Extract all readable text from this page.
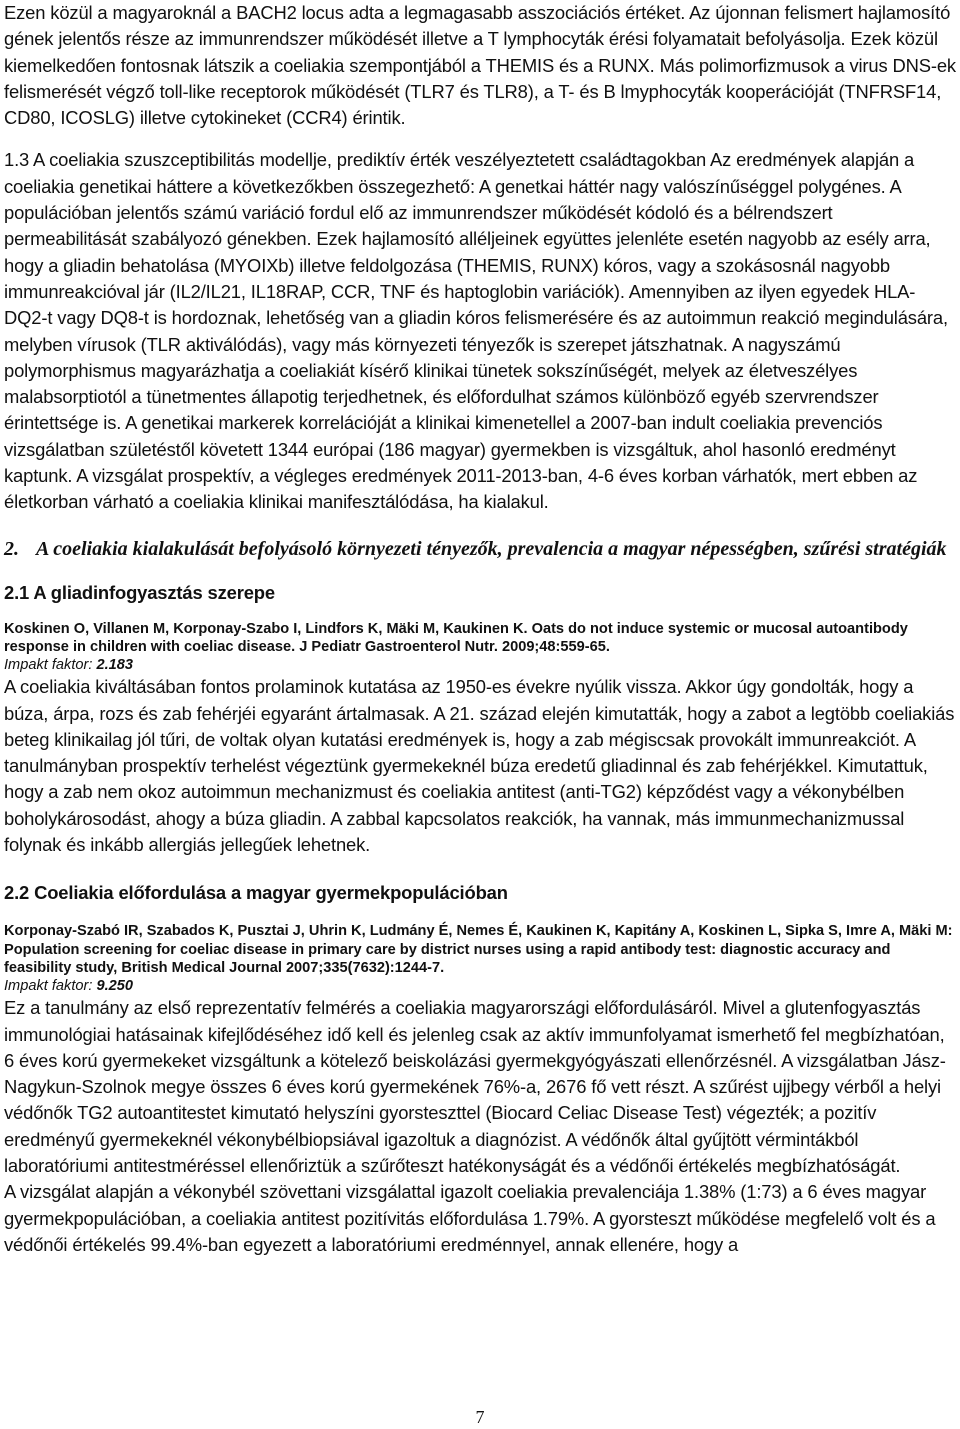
Ezen közül a magyaroknál a BACH2 locus adta a legmagasabb asszociációs értéket. Az újonnan felismert hajlamosító gének jelentős része az immunrendszer működését illetve a T lymphocyták érési folyamatait befolyásolja. Ezek közül kiemelkedően fontosnak látszik a coeliakia szempontjából a THEMIS és a RUNX. Más polimorfizmusok a virus DNS-ek felismerését végző toll-like receptorok működését (TLR7 és TLR8), a T- és B lmyphocyták kooperációját (TNFRSF14, CD80, ICOSLG) illetve cytokineket (CCR4) érintik.

1.3 A coeliakia szuszceptibilitás modellje, prediktív érték veszélyeztetett családtagokban Az eredmények alapján a coeliakia genetikai háttere a következőkben összegezhető: A genetkai háttér nagy valószínűséggel polygénes. A populációban jelentős számú variáció fordul elő az immunrendszer működését kódoló és a bélrendszert permeabilitását szabályozó génekben. Ezek hajlamosító alléljeinek együttes jelenléte esetén nagyobb az esély arra, hogy a gliadin behatolása (MYOIXb) illetve feldolgozása (THEMIS, RUNX) kóros, vagy a szokásosnál nagyobb immunreakcióval jár (IL2/IL21, IL18RAP, CCR, TNF és haptoglobin variációk). Amennyiben az ilyen egyedek HLA-DQ2-t vagy DQ8-t is hordoznak, lehetőség van a gliadin kóros felismerésére és az autoimmun reakció megindulására, melyben vírusok (TLR aktiválódás), vagy más környezeti tényezők is szerepet játszhatnak. A nagyszámú polymorphismus magyarázhatja a coeliakiát kísérő klinikai tünetek sokszínűségét, melyek az életveszélyes malabsorptiotól a tünetmentes állapotig terjedhetnek, és előfordulhat számos különböző egyéb szervrendszer érintettsége is. A genetikai markerek korrelációját a klinikai kimenetellel a 2007-ban indult coeliakia prevenciós vizsgálatban születéstől követett 1344 európai (186 magyar) gyermekben is vizsgáltuk, ahol hasonló eredményt kaptunk. A vizsgálat prospektív, a végleges eredmények 2011-2013-ban, 4-6 éves korban várhatók, mert ebben az életkorban várható a coeliakia klinikai manifesztálódása, ha kialakul.

2. A coeliakia kialakulását befolyásoló környezeti tényezők, prevalencia a magyar népességben, szűrési stratégiák
2.1 A gliadinfogyasztás szerepe

Koskinen O, Villanen M, Korponay-Szabo I, Lindfors K, Mäki M, Kaukinen K. Oats do not induce systemic or mucosal autoantibody response in children with coeliac disease. J Pediatr Gastroenterol Nutr. 2009;48:559-65.

Impakt faktor: 2.183

A coeliakia kiváltásában fontos prolaminok kutatása az 1950-es évekre nyúlik vissza. Akkor úgy gondolták, hogy a búza, árpa, rozs és zab fehérjéi egyaránt ártalmasak. A 21. század elején kimutatták, hogy a zabot a legtöbb coeliakiás beteg klinikailag jól tűri, de voltak olyan kutatási eredmények is, hogy a zab mégiscsak provokált immunreakciót. A tanulmányban prospektív terhelést végeztünk gyermekeknél búza eredetű gliadinnal és zab fehérjékkel. Kimutattuk, hogy a zab nem okoz autoimmun mechanizmust és coeliakia antitest (anti-TG2) képződést vagy a vékonybélben boholykárosodást, ahogy a búza gliadin. A zabbal kapcsolatos reakciók, ha vannak, más immunmechanizmussal folynak és inkább allergiás jellegűek lehetnek.

2.2 Coeliakia előfordulása a magyar gyermekpopulációban

Korponay-Szabó IR, Szabados K, Pusztai J, Uhrin K, Ludmány É, Nemes É, Kaukinen K, Kapitány A, Koskinen L, Sipka S, Imre A, Mäki M: Population screening for coeliac disease in primary care by district nurses using a rapid antibody test: diagnostic accuracy and feasibility study, British Medical Journal 2007;335(7632):1244-7.

Impakt faktor: 9.250

Ez a tanulmány az első reprezentatív felmérés a coeliakia magyarországi előfordulásáról. Mivel a glutenfogyasztás immunológiai hatásainak kifejlődéséhez idő kell és jelenleg csak az aktív immunfolyamat ismerhető fel megbízhatóan, 6 éves korú gyermekeket vizsgáltunk a kötelező beiskolázási gyermekgyógyászati ellenőrzésnél. A vizsgálatban Jász-Nagykun-Szolnok megye összes 6 éves korú gyermekének 76%-a, 2676 fő vett részt. A szűrést ujjbegy vérből a helyi védőnők TG2 autoantitestet kimutató helyszíni gyorsteszttel (Biocard Celiac Disease Test) végezték; a pozitív eredményű gyermekeknél vékonybélbiopsiával igazoltuk a diagnózist. A védőnők által gyűjtött vérmintákból laboratóriumi antitestméréssel ellenőriztük a szűrőteszt hatékonyságát és a védőnői értékelés megbízhatóságát.

A vizsgálat alapján a vékonybél szövettani vizsgálattal igazolt coeliakia prevalenciája 1.38% (1:73) a 6 éves magyar gyermekpopulációban, a coeliakia antitest pozitívitás előfordulása 1.79%. A gyorsteszt működése megfelelő volt és a védőnői értékelés 99.4%-ban egyezett a laboratóriumi eredménnyel, annak ellenére, hogy a

7
